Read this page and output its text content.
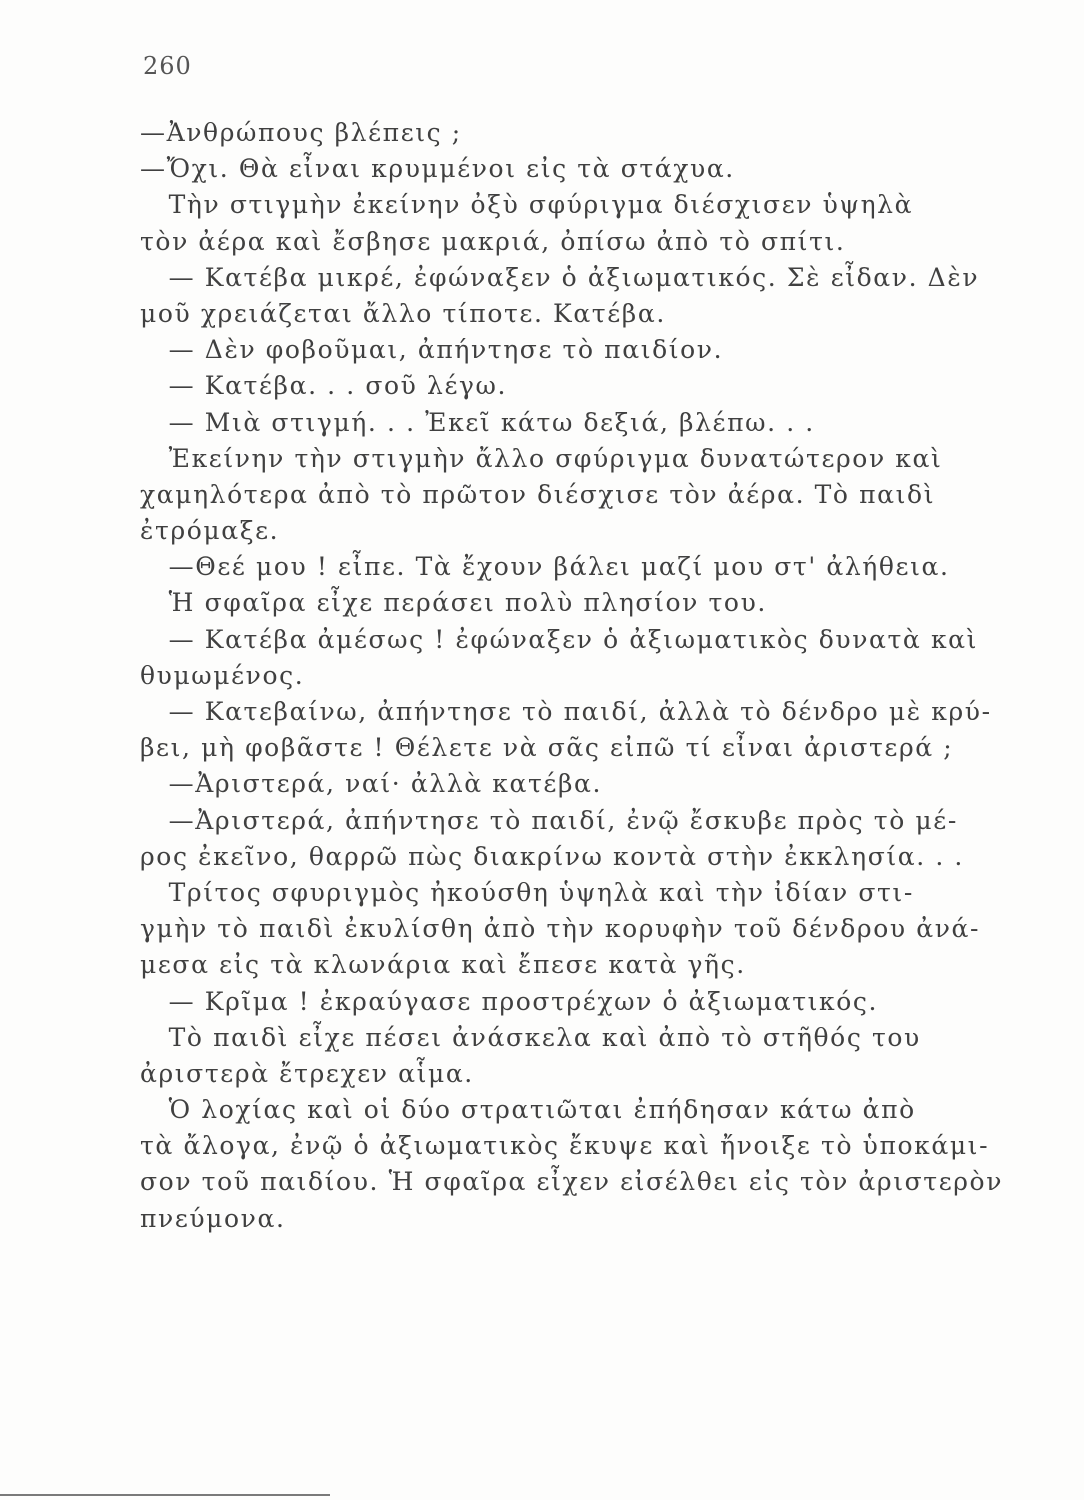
260
—Ἀνθρώπους βλέπεις ;
—Ὄχι. Θὰ εἶναι κρυμμένοι εἰς τὰ στάχυα.
Τὴν στιγμὴν ἐκείνην ὀξὺ σφύριγμα διέσχισεν ὑψηλὰ
τὸν ἀέρα καὶ ἔσβησε μακριά, ὀπίσω ἀπὸ τὸ σπίτι.
— Κατέβα μικρέ, ἐφώναξεν ὁ ἀξιωματικός. Σὲ εἶδαν. Δὲν
μοῦ χρειάζεται ἄλλο τίποτε. Κατέβα.
— Δὲν φοβοῦμαι, ἀπήντησε τὸ παιδίον.
— Κατέβα. . . σοῦ λέγω.
— Μιὰ στιγμή. . . Ἐκεῖ κάτω δεξιά, βλέπω. . .
Ἐκείνην τὴν στιγμὴν ἄλλο σφύριγμα δυνατώτερον καὶ
χαμηλότερα ἀπὸ τὸ πρῶτον διέσχισε τὸν ἀέρα. Τὸ παιδὶ
ἐτρόμαξε.
—Θεέ μου ! εἶπε. Τὰ ἔχουν βάλει μαζί μου στ' ἀλήθεια.
Ἡ σφαῖρα εἶχε περάσει πολὺ πλησίον του.
— Κατέβα ἀμέσως ! ἐφώναξεν ὁ ἀξιωματικὸς δυνατὰ καὶ
θυμωμένος.
— Κατεβαίνω, ἀπήντησε τὸ παιδί, ἀλλὰ τὸ δένδρο μὲ κρύ-
βει, μὴ φοβᾶστε ! Θέλετε νὰ σᾶς εἰπῶ τί εἶναι ἀριστερά ;
—Ἀριστερά, ναί· ἀλλὰ κατέβα.
—Ἀριστερά, ἀπήντησε τὸ παιδί, ἐνῷ ἔσκυβε πρὸς τὸ μέ-
ρος ἐκεῖνο, θαρρῶ πὼς διακρίνω κοντὰ στὴν ἐκκλησία. . .
Τρίτος σφυριγμὸς ἠκούσθη ὑψηλὰ καὶ τὴν ἰδίαν στι-
γμὴν τὸ παιδὶ ἐκυλίσθη ἀπὸ τὴν κορυφὴν τοῦ δένδρου ἀνά-
μεσα εἰς τὰ κλωνάρια καὶ ἔπεσε κατὰ γῆς.
— Κρῖμα ! ἐκραύγασε προστρέχων ὁ ἀξιωματικός.
Τὸ παιδὶ εἶχε πέσει ἀνάσκελα καὶ ἀπὸ τὸ στῆθός του
ἀριστερὰ ἔτρεχεν αἷμα.
Ὁ λοχίας καὶ οἱ δύο στρατιῶται ἐπήδησαν κάτω ἀπὸ
τὰ ἄλογα, ἐνῷ ὁ ἀξιωματικὸς ἔκυψε καὶ ἤνοιξε τὸ ὑποκάμι-
σον τοῦ παιδίου. Ἡ σφαῖρα εἶχεν εἰσέλθει εἰς τὸν ἀριστερὸν
πνεύμονα.
